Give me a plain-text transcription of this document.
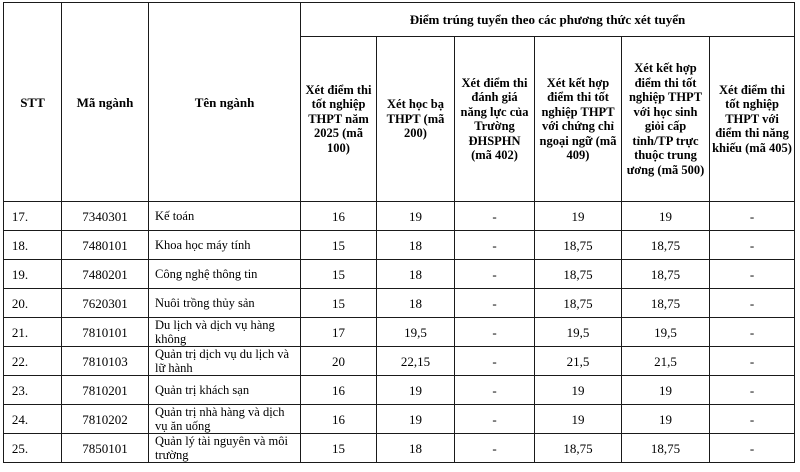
STT	Mã ngành	Tên ngành	Điểm trúng tuyển theo các phương thức xét tuyển					
			Xét điểm thi tốt nghiệp THPT năm 2025 (mã 100)	Xét học bạ THPT (mã 200)	Xét điểm thi đánh giá năng lực của Trường ĐHSPHN (mã 402)	Xét kết hợp điểm thi tốt nghiệp THPT với chứng chỉ ngoại ngữ (mã 409)	Xét kết hợp điểm thi tốt nghiệp THPT với học sinh giỏi cấp tỉnh/TP trực thuộc trung ương (mã 500)	Xét điểm thi tốt nghiệp THPT với điểm thi năng khiếu (mã 405)
17.	7340301	Kế toán	16	19	-	19	19	-
18.	7480101	Khoa học máy tính	15	18	-	18,75	18,75	-
19.	7480201	Công nghệ thông tin	15	18	-	18,75	18,75	-
20.	7620301	Nuôi trồng thủy sản	15	18	-	18,75	18,75	-
21.	7810101	Du lịch và dịch vụ hàng không	17	19,5	-	19,5	19,5	-
22.	7810103	Quản trị dịch vụ du lịch và lữ hành	20	22,15	-	21,5	21,5	-
23.	7810201	Quản trị khách sạn	16	19	-	19	19	-
24.	7810202	Quản trị nhà hàng và dịch vụ ăn uống	16	19	-	19	19	-
25.	7850101	Quản lý tài nguyên và môi trường	15	18	-	18,75	18,75	-
